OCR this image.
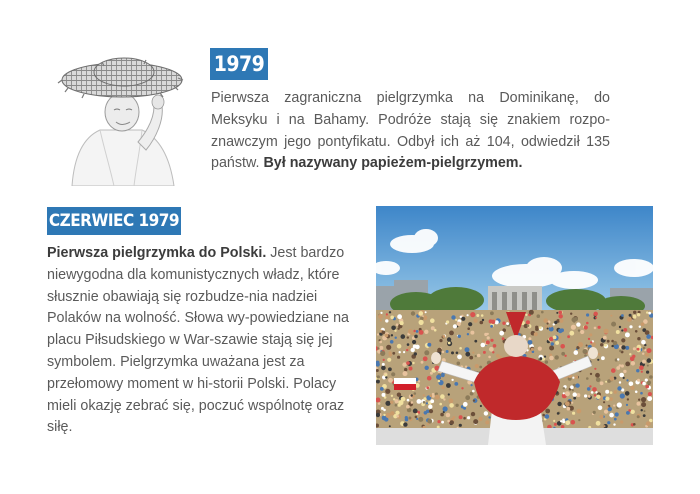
1979
Pierwsza zagraniczna pielgrzymka na Dominikanę, do Meksyku i na Bahamy. Podróże stają się znakiem rozpo-znawczym jego pontyfikatu. Odbył ich aż 104, odwiedził 135 państw. Był nazywany papieżem-pielgrzymem.
CZERWIEC 1979
Pierwsza pielgrzymka do Polski. Jest bardzo niewygodna dla komunistycznych władz, które słusznie obawiają się rozbudze-nia nadziei Polaków na wolność. Słowa wy-powiedziane na placu Piłsudskiego w War-szawie stają się jej symbolem. Pielgrzymka uważana jest za przełomowy moment w hi-storii Polski. Polacy mieli okazję zebrać się, poczuć wspólnotę oraz siłę.
